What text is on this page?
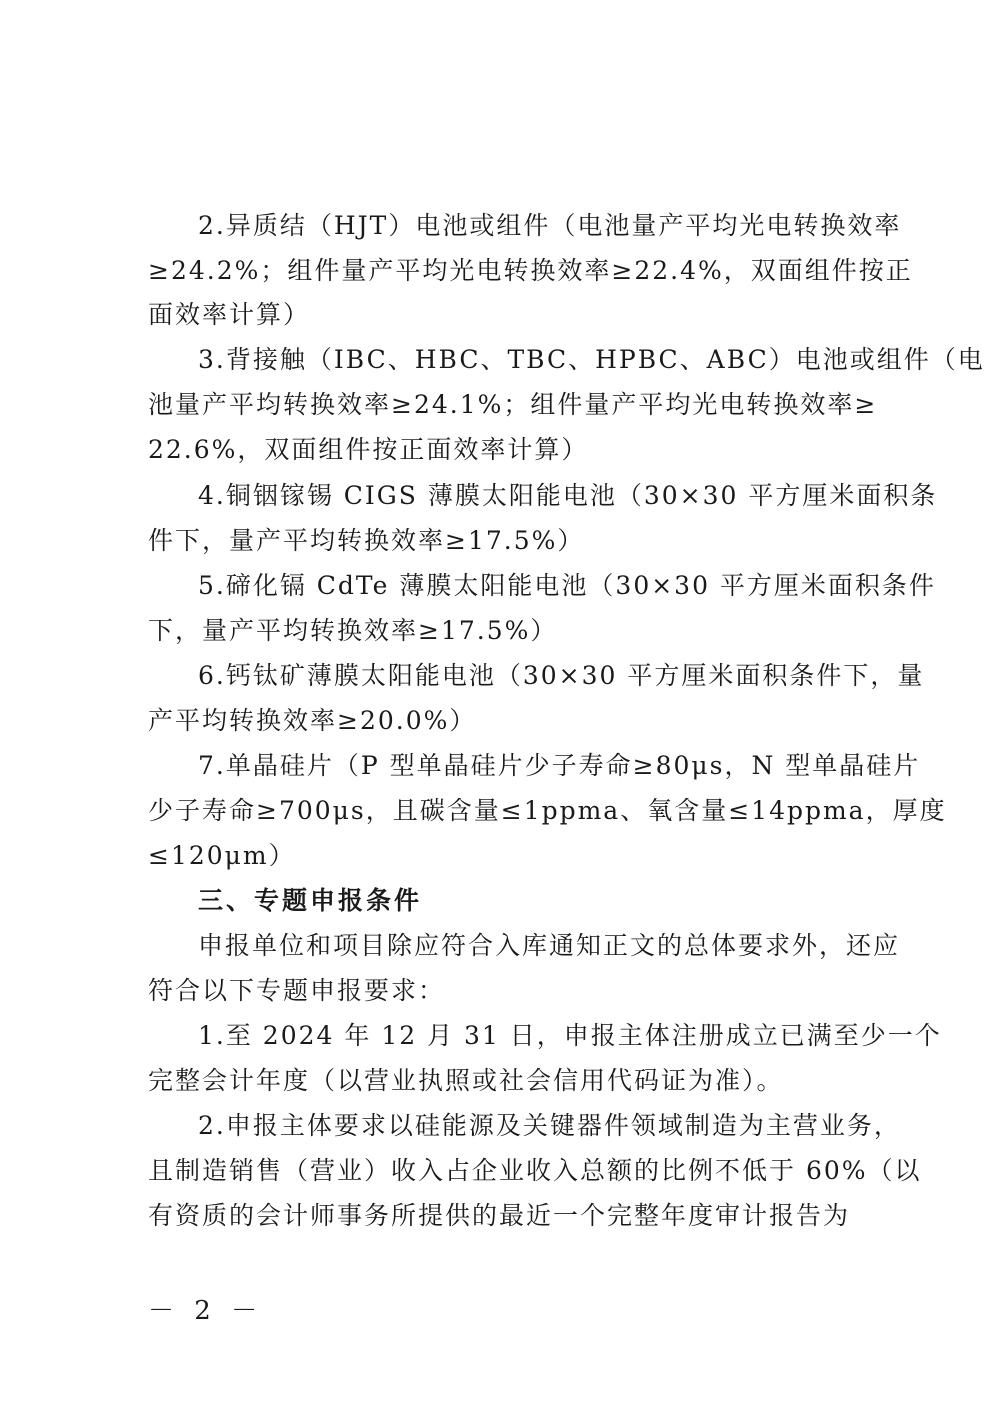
2.异质结（HJT）电池或组件（电池量产平均光电转换效率
≥24.2%；组件量产平均光电转换效率≥22.4%，双面组件按正
面效率计算）
3.背接触（IBC、HBC、TBC、HPBC、ABC）电池或组件（电
池量产平均转换效率≥24.1%；组件量产平均光电转换效率≥
22.6%，双面组件按正面效率计算）
4.铜铟镓锡 CIGS 薄膜太阳能电池（30×30 平方厘米面积条
件下，量产平均转换效率≥17.5%）
5.碲化镉 CdTe 薄膜太阳能电池（30×30 平方厘米面积条件
下，量产平均转换效率≥17.5%）
6.钙钛矿薄膜太阳能电池（30×30 平方厘米面积条件下，量
产平均转换效率≥20.0%）
7.单晶硅片（P 型单晶硅片少子寿命≥80μs，N 型单晶硅片
少子寿命≥700μs，且碳含量≤1ppma、氧含量≤14ppma，厚度
≤120μm）
三、专题申报条件
申报单位和项目除应符合入库通知正文的总体要求外，还应
符合以下专题申报要求：
1.至 2024 年 12 月 31 日，申报主体注册成立已满至少一个
完整会计年度（以营业执照或社会信用代码证为准）。
2.申报主体要求以硅能源及关键器件领域制造为主营业务，
且制造销售（营业）收入占企业收入总额的比例不低于 60%（以
有资质的会计师事务所提供的最近一个完整年度审计报告为
－ 2 －
